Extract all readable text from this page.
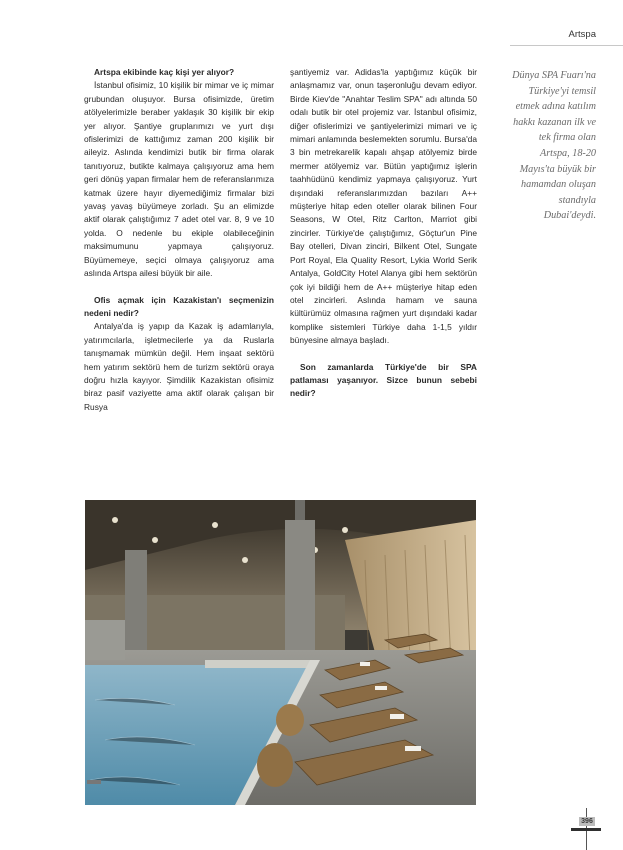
Artspa

Artspa ekibinde kaç kişi yer alıyor?

İstanbul ofisimiz, 10 kişilik bir mimar ve iç mimar grubundan oluşuyor. Bursa ofisimizde, üretim atölyelerimizle beraber yaklaşık 30 kişilik bir ekip yer alıyor. Şantiye gruplarımızı ve yurt dışı ofislerimizi de kattığımız zaman 200 kişilik bir aileyiz. Aslında kendimizi butik bir firma olarak tanıtıyoruz, butikte kalmaya çalışıyoruz ama hem geri dönüş yapan firmalar hem de referanslarımıza katmak üzere hayır diyemediğimiz firmalar bizi yavaş yavaş büyümeye zorladı. Şu an elimizde aktif olarak çalıştığımız 7 adet otel var. 8, 9 ve 10 yolda. O nedenle bu ekiple olabileceğinin maksimumunu yapmaya çalışıyoruz. Büyümemeye, seçici olmaya çalışıyoruz ama aslında Artspa ailesi büyük bir aile.

Ofis açmak için Kazakistan'ı seçmenizin nedeni nedir?

Antalya'da iş yapıp da Kazak iş adamlarıyla, yatırımcılarla, işletmecilerle ya da Ruslarla tanışmamak mümkün değil. Hem inşaat sektörü hem yatırım sektörü hem de turizm sektörü oraya doğru hızla kayıyor. Şimdilik Kazakistan ofisimiz biraz pasif vaziyette ama aktif olarak çalışan bir Rusya

şantiyemiz var. Adidas'la yaptığımız küçük bir anlaşmamız var, onun taşeronluğu devam ediyor. Birde Kiev'de "Anahtar Teslim SPA" adı altında 50 odalı butik bir otel projemiz var. İstanbul ofisimiz, diğer ofislerimizi ve şantiyelerimizi mimari ve iç mimari anlamında beslemekten sorumlu. Bursa'da 3 bin metrekarelik kapalı ahşap atölyemiz birde mermer atölyemiz var. Bütün yaptığımız işlerin taahhüdünü kendimiz yapmaya çalışıyoruz. Yurt dışındaki referanslarımızdan bazıları A++ müşteriye hitap eden oteller olarak bilinen Four Seasons, W Otel, Ritz Carlton, Marriot gibi zincirler. Türkiye'de çalıştığımız, Göçtur'un Pine Bay otelleri, Divan zinciri, Bilkent Otel, Sungate Port Royal, Ela Quality Resort, Lykia World Serik Antalya, GoldCity Hotel Alanya gibi hem sektörün çok iyi bildiği hem de A++ müşteriye hitap eden otel zincirleri. Aslında hamam ve sauna kültürümüz olmasına rağmen yurt dışındaki kadar komplike sistemleri Türkiye daha 1-1,5 yıldır bünyesine almaya başladı.

Son zamanlarda Türkiye'de bir SPA patlaması yaşanıyor. Sizce bunun sebebi nedir?

Dünya SPA Fuarı'na Türkiye'yi temsil etmek adına katılım hakkı kazanan ilk ve tek firma olan Artspa, 18-20 Mayıs'ta büyük bir hamamdan oluşan standıyla Dubai'deydi.
396
